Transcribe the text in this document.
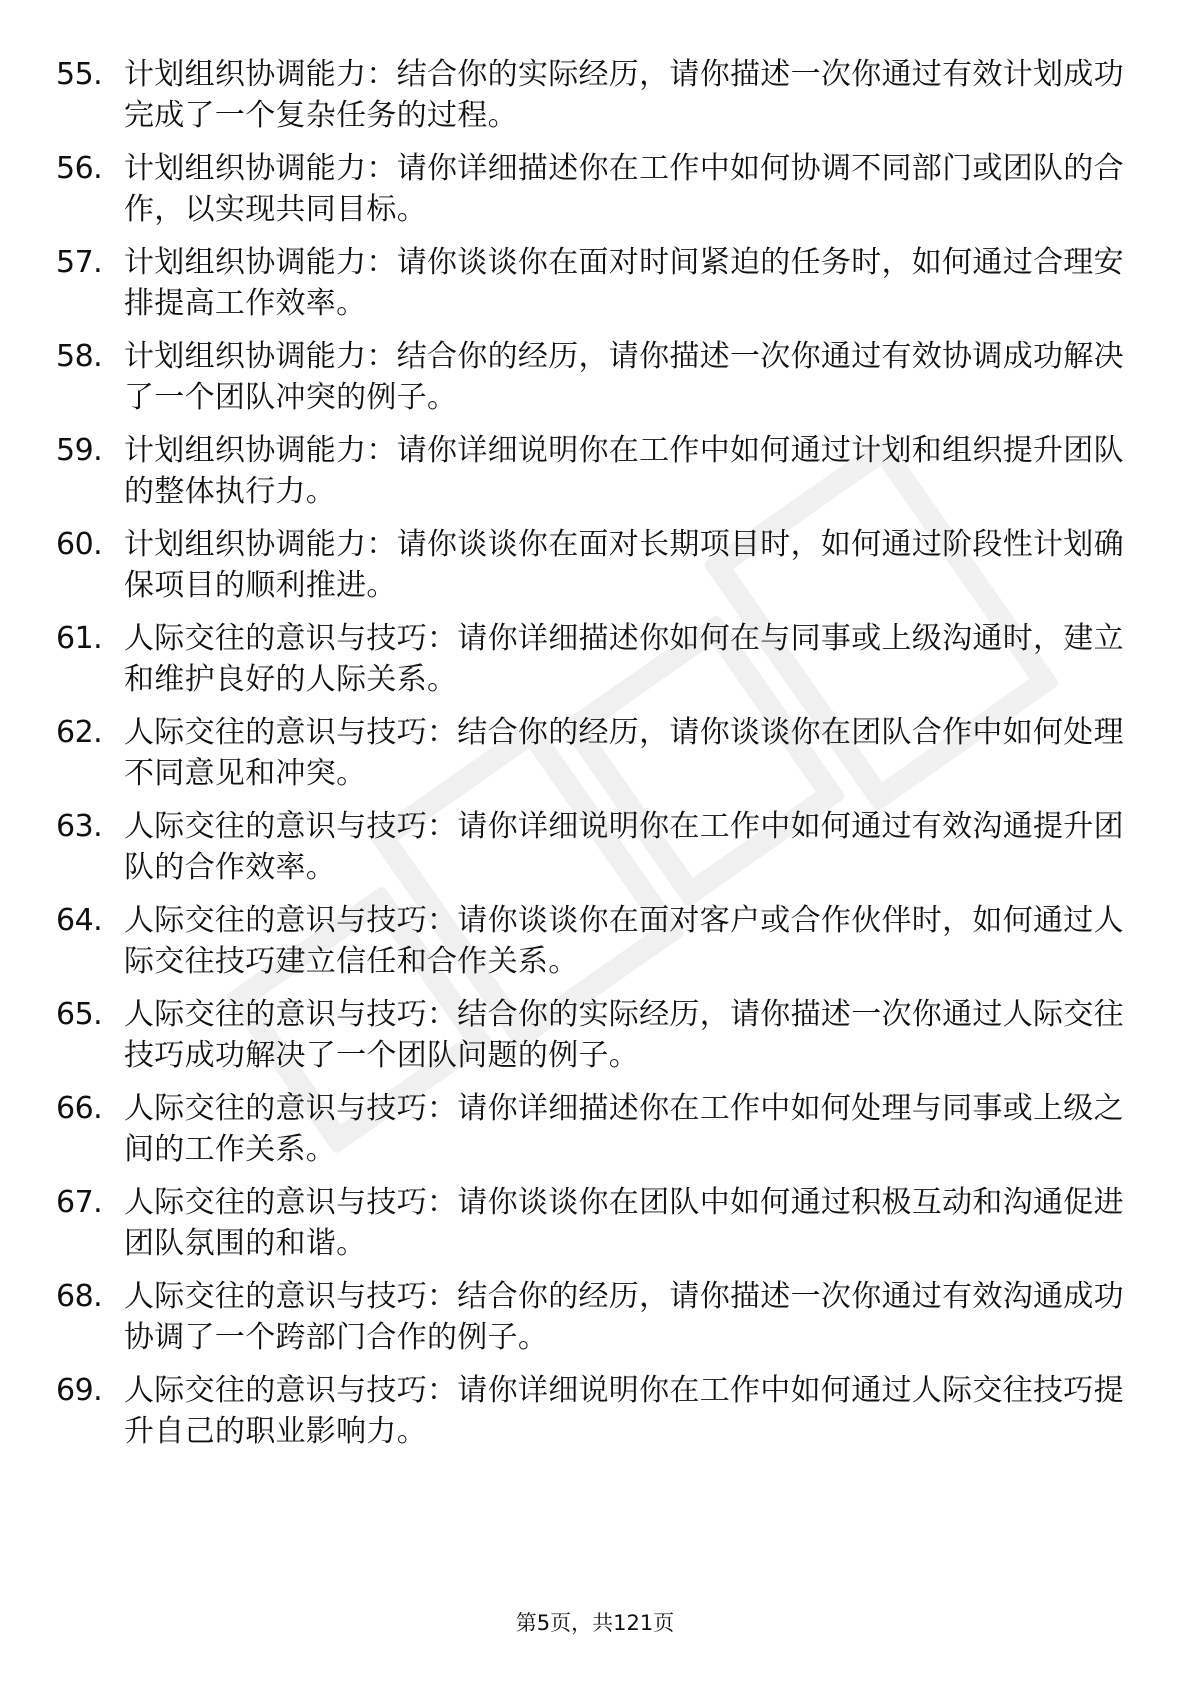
55. 计划组织协调能力：结合你的实际经历，请你描述一次你通过有效计划成功完成了一个复杂任务的过程。
56. 计划组织协调能力：请你详细描述你在工作中如何协调不同部门或团队的合作，以实现共同目标。
57. 计划组织协调能力：请你谈谈你在面对时间紧迫的任务时，如何通过合理安排提高工作效率。
58. 计划组织协调能力：结合你的经历，请你描述一次你通过有效协调成功解决了一个团队冲突的例子。
59. 计划组织协调能力：请你详细说明你在工作中如何通过计划和组织提升团队的整体执行力。
60. 计划组织协调能力：请你谈谈你在面对长期项目时，如何通过阶段性计划确保项目的顺利推进。
61. 人际交往的意识与技巧：请你详细描述你如何在与同事或上级沟通时，建立和维护良好的人际关系。
62. 人际交往的意识与技巧：结合你的经历，请你谈谈你在团队合作中如何处理不同意见和冲突。
63. 人际交往的意识与技巧：请你详细说明你在工作中如何通过有效沟通提升团队的合作效率。
64. 人际交往的意识与技巧：请你谈谈你在面对客户或合作伙伴时，如何通过人际交往技巧建立信任和合作关系。
65. 人际交往的意识与技巧：结合你的实际经历，请你描述一次你通过人际交往技巧成功解决了一个团队问题的例子。
66. 人际交往的意识与技巧：请你详细描述你在工作中如何处理与同事或上级之间的工作关系。
67. 人际交往的意识与技巧：请你谈谈你在团队中如何通过积极互动和沟通促进团队氛围的和谐。
68. 人际交往的意识与技巧：结合你的经历，请你描述一次你通过有效沟通成功协调了一个跨部门合作的例子。
69. 人际交往的意识与技巧：请你详细说明你在工作中如何通过人际交往技巧提升自己的职业影响力。
第5页，共121页
